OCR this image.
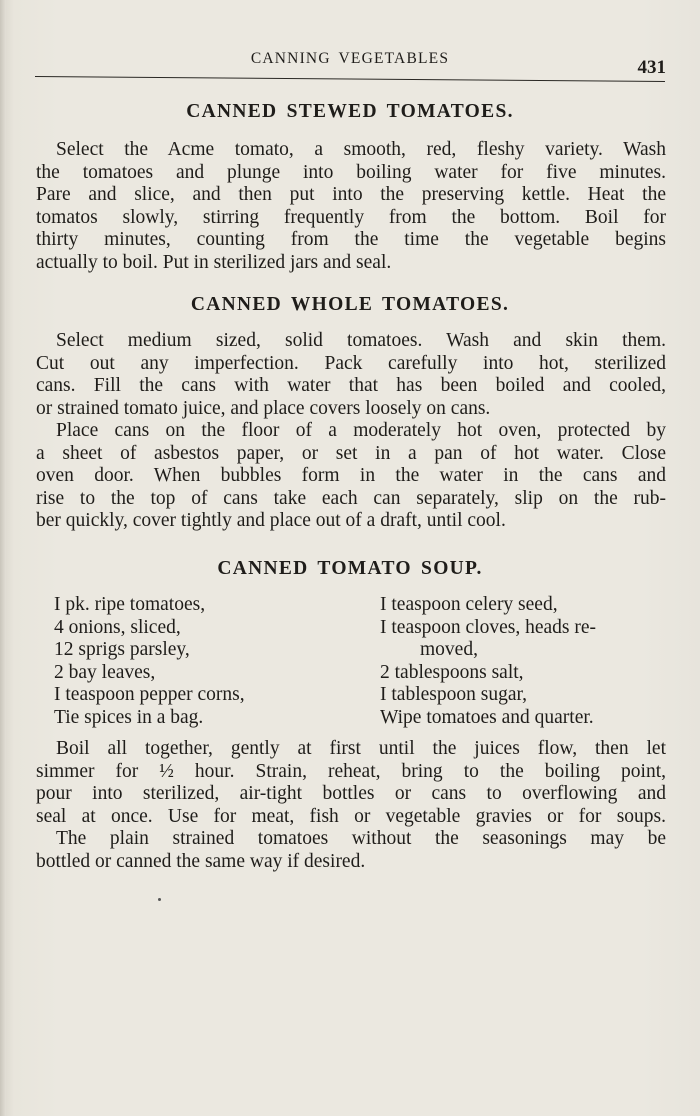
CANNING VEGETABLES	431
CANNED STEWED TOMATOES.
Select the Acme tomato, a smooth, red, fleshy variety. Wash
the tomatoes and plunge into boiling water for five minutes.
Pare and slice, and then put into the preserving kettle. Heat the
tomatos slowly, stirring frequently from the bottom. Boil for
thirty minutes, counting from the time the vegetable begins
actually to boil. Put in sterilized jars and seal.
CANNED WHOLE TOMATOES.
Select medium sized, solid tomatoes. Wash and skin them.
Cut out any imperfection. Pack carefully into hot, sterilized
cans. Fill the cans with water that has been boiled and cooled,
or strained tomato juice, and place covers loosely on cans.
Place cans on the floor of a moderately hot oven, protected by
a sheet of asbestos paper, or set in a pan of hot water. Close
oven door. When bubbles form in the water in the cans and
rise to the top of cans take each can separately, slip on the rub-
ber quickly, cover tightly and place out of a draft, until cool.
CANNED TOMATO SOUP.
I pk. ripe tomatoes,
4 onions, sliced,
12 sprigs parsley,
2 bay leaves,
I teaspoon pepper corns,
Tie spices in a bag.
I teaspoon celery seed,
I teaspoon cloves, heads re-
moved,
2 tablespoons salt,
I tablespoon sugar,
Wipe tomatoes and quarter.
Boil all together, gently at first until the juices flow, then let
simmer for ½ hour. Strain, reheat, bring to the boiling point,
pour into sterilized, air-tight bottles or cans to overflowing and
seal at once. Use for meat, fish or vegetable gravies or for soups.
The plain strained tomatoes without the seasonings may be
bottled or canned the same way if desired.
